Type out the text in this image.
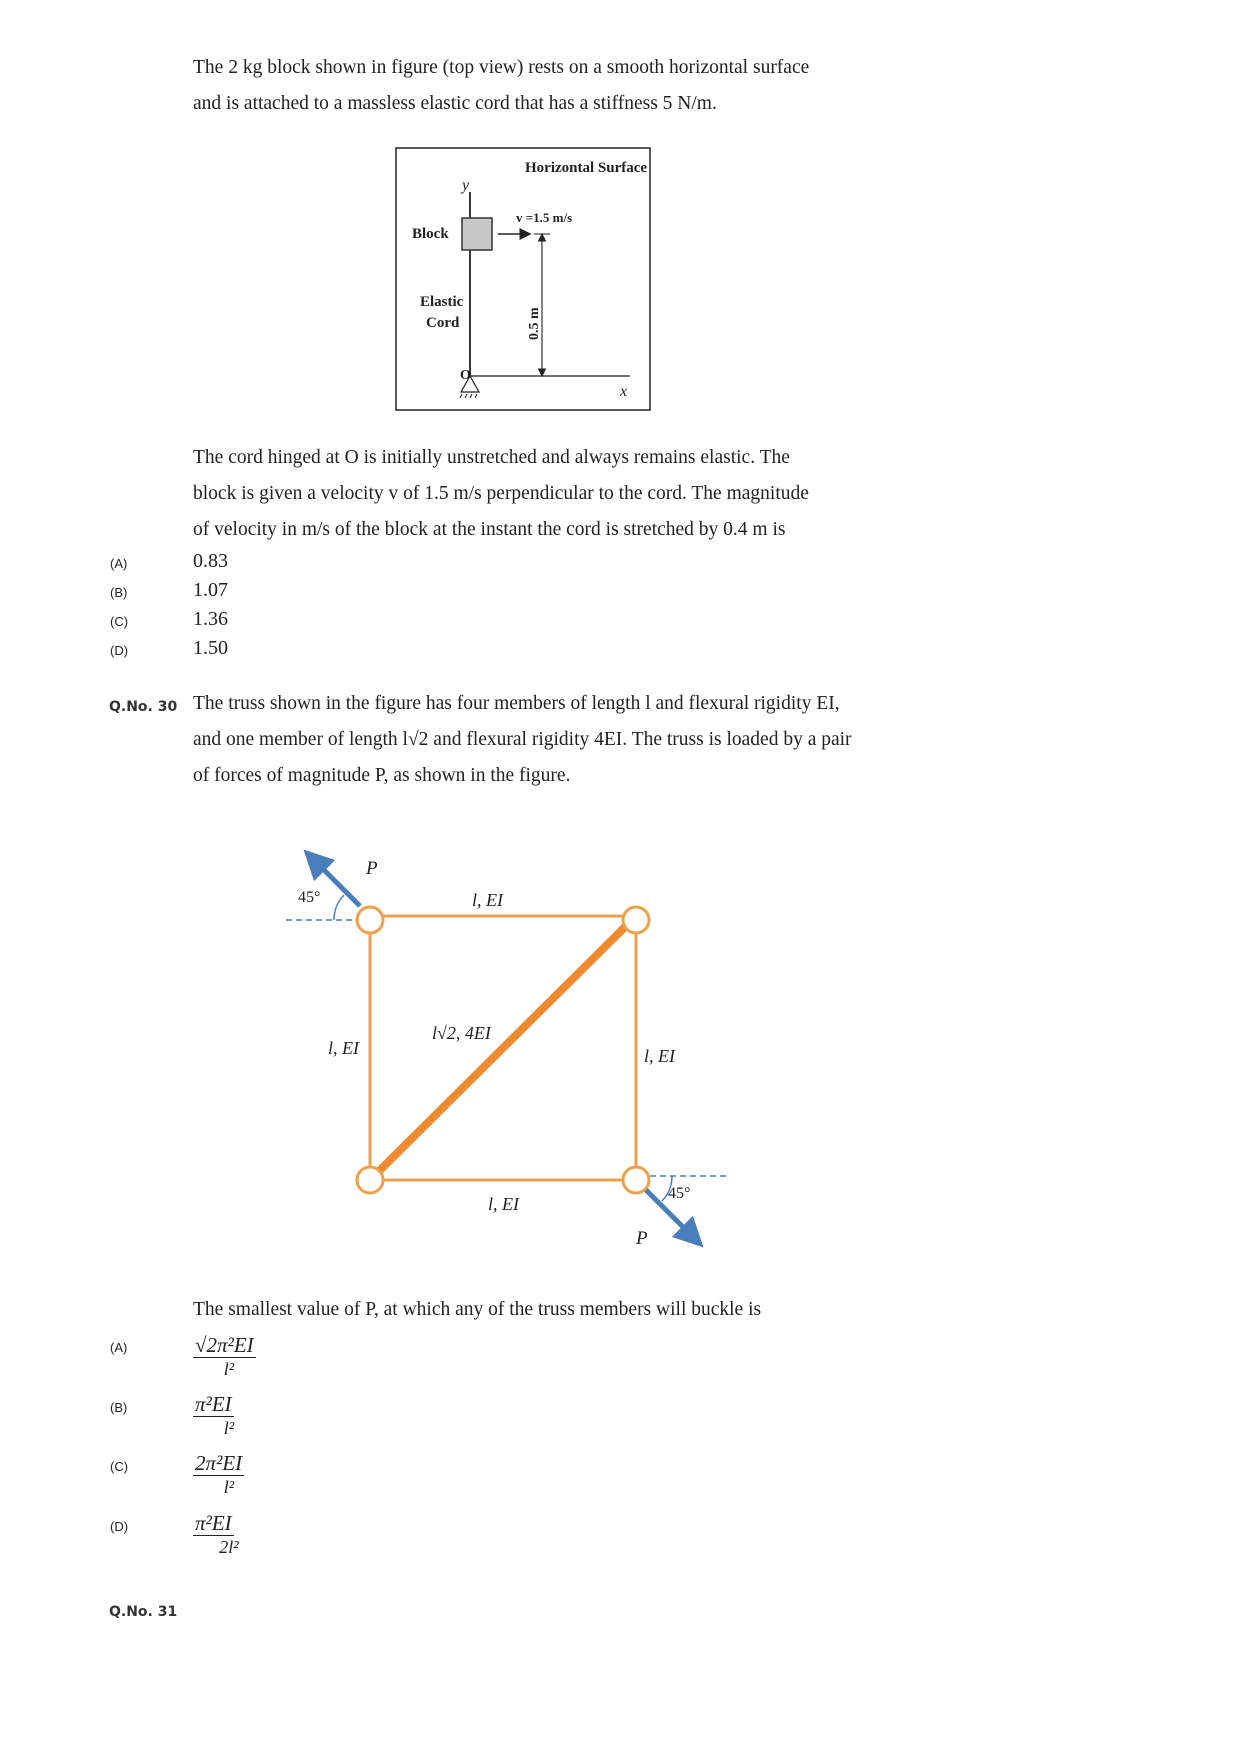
The 2 kg block shown in figure (top view) rests on a smooth horizontal surface
and is attached to a massless elastic cord that has a stiffness 5 N/m.

Horizontal Surface
y
x
Block
Elastic
Cord
v =1.5 m/s
0.5 m
O

The cord hinged at O is initially unstretched and always remains elastic. The
block is given a velocity v of 1.5 m/s perpendicular to the cord. The magnitude
of velocity in m/s of the block at the instant the cord is stretched by 0.4 m is

(A)	0.83
(B)	1.07
(C)	1.36
(D)	1.50
Q.No. 30 The truss shown in the figure has four members of length l and flexural rigidity EI,
and one member of length l√2 and flexural rigidity 4EI. The truss is loaded by a pair
of forces of magnitude P, as shown in the figure.

P
P
45°
45°
l, EI
l, EI	l, EI
l, EI
l√2, 4EI

The smallest value of P, at which any of the truss members will buckle is

(A)	$\frac{\text{√2π²EI}}{\text{l²}}$
(B)	$\frac{\text{π²EI}}{\text{l²}}$
(C)	$\frac{\text{2π²EI}}{\text{l²}}$
(D)	$\frac{\text{π²EI}}{\text{2l²}}$
Q.No. 31
